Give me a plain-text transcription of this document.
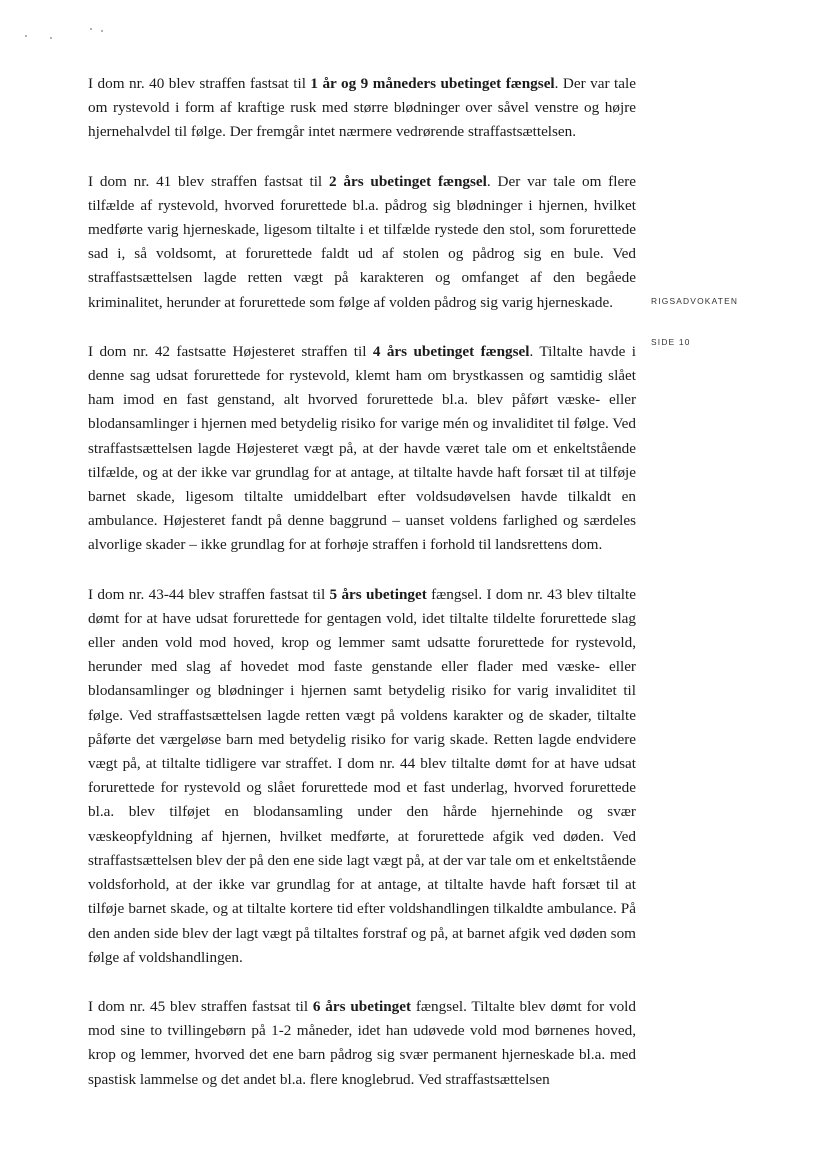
I dom nr. 40 blev straffen fastsat til 1 år og 9 måneders ubetinget fængsel. Der var tale om rystevold i form af kraftige rusk med større blødninger over såvel venstre og højre hjernehalvdel til følge. Der fremgår intet nærmere vedrørende straffastsættelsen.

I dom nr. 41 blev straffen fastsat til 2 års ubetinget fængsel. Der var tale om flere tilfælde af rystevold, hvorved forurettede bl.a. pådrog sig blødninger i hjernen, hvilket medførte varig hjerneskade, ligesom tiltalte i et tilfælde rystede den stol, som forurettede sad i, så voldsomt, at forurettede faldt ud af stolen og pådrog sig en bule. Ved straffastsættelsen lagde retten vægt på karakteren og omfanget af den begåede kriminalitet, herunder at forurettede som følge af volden pådrog sig varig hjerneskade.

I dom nr. 42 fastsatte Højesteret straffen til 4 års ubetinget fængsel. Tiltalte havde i denne sag udsat forurettede for rystevold, klemt ham om brystkassen og samtidig slået ham imod en fast genstand, alt hvorved forurettede bl.a. blev påført væske- eller blodansamlinger i hjernen med betydelig risiko for varige mén og invaliditet til følge. Ved straffastsættelsen lagde Højesteret vægt på, at der havde været tale om et enkeltstående tilfælde, og at der ikke var grundlag for at antage, at tiltalte havde haft forsæt til at tilføje barnet skade, ligesom tiltalte umiddelbart efter voldsudøvelsen havde tilkaldt en ambulance. Højesteret fandt på denne baggrund – uanset voldens farlighed og særdeles alvorlige skader – ikke grundlag for at forhøje straffen i forhold til landsrettens dom.

I dom nr. 43-44 blev straffen fastsat til 5 års ubetinget fængsel. I dom nr. 43 blev tiltalte dømt for at have udsat forurettede for gentagen vold, idet tiltalte tildelte forurettede slag eller anden vold mod hoved, krop og lemmer samt udsatte forurettede for rystevold, herunder med slag af hovedet mod faste genstande eller flader med væske- eller blodansamlinger og blødninger i hjernen samt betydelig risiko for varig invaliditet til følge. Ved straffastsættelsen lagde retten vægt på voldens karakter og de skader, tiltalte påførte det værgeløse barn med betydelig risiko for varig skade. Retten lagde endvidere vægt på, at tiltalte tidligere var straffet. I dom nr. 44 blev tiltalte dømt for at have udsat forurettede for rystevold og slået forurettede mod et fast underlag, hvorved forurettede bl.a. blev tilføjet en blodansamling under den hårde hjernehinde og svær væskeopfyldning af hjernen, hvilket medførte, at forurettede afgik ved døden. Ved straffastsættelsen blev der på den ene side lagt vægt på, at der var tale om et enkeltstående voldsforhold, at der ikke var grundlag for at antage, at tiltalte havde haft forsæt til at tilføje barnet skade, og at tiltalte kortere tid efter voldshandlingen tilkaldte ambulance. På den anden side blev der lagt vægt på tiltaltes forstraf og på, at barnet afgik ved døden som følge af voldshandlingen.

I dom nr. 45 blev straffen fastsat til 6 års ubetinget fængsel. Tiltalte blev dømt for vold mod sine to tvillingebørn på 1-2 måneder, idet han udøvede vold mod børnenes hoved, krop og lemmer, hvorved det ene barn pådrog sig svær permanent hjerneskade bl.a. med spastisk lammelse og det andet bl.a. flere knoglebrud. Ved straffastsættelsen

RIGSADVOKATEN
SIDE 10
